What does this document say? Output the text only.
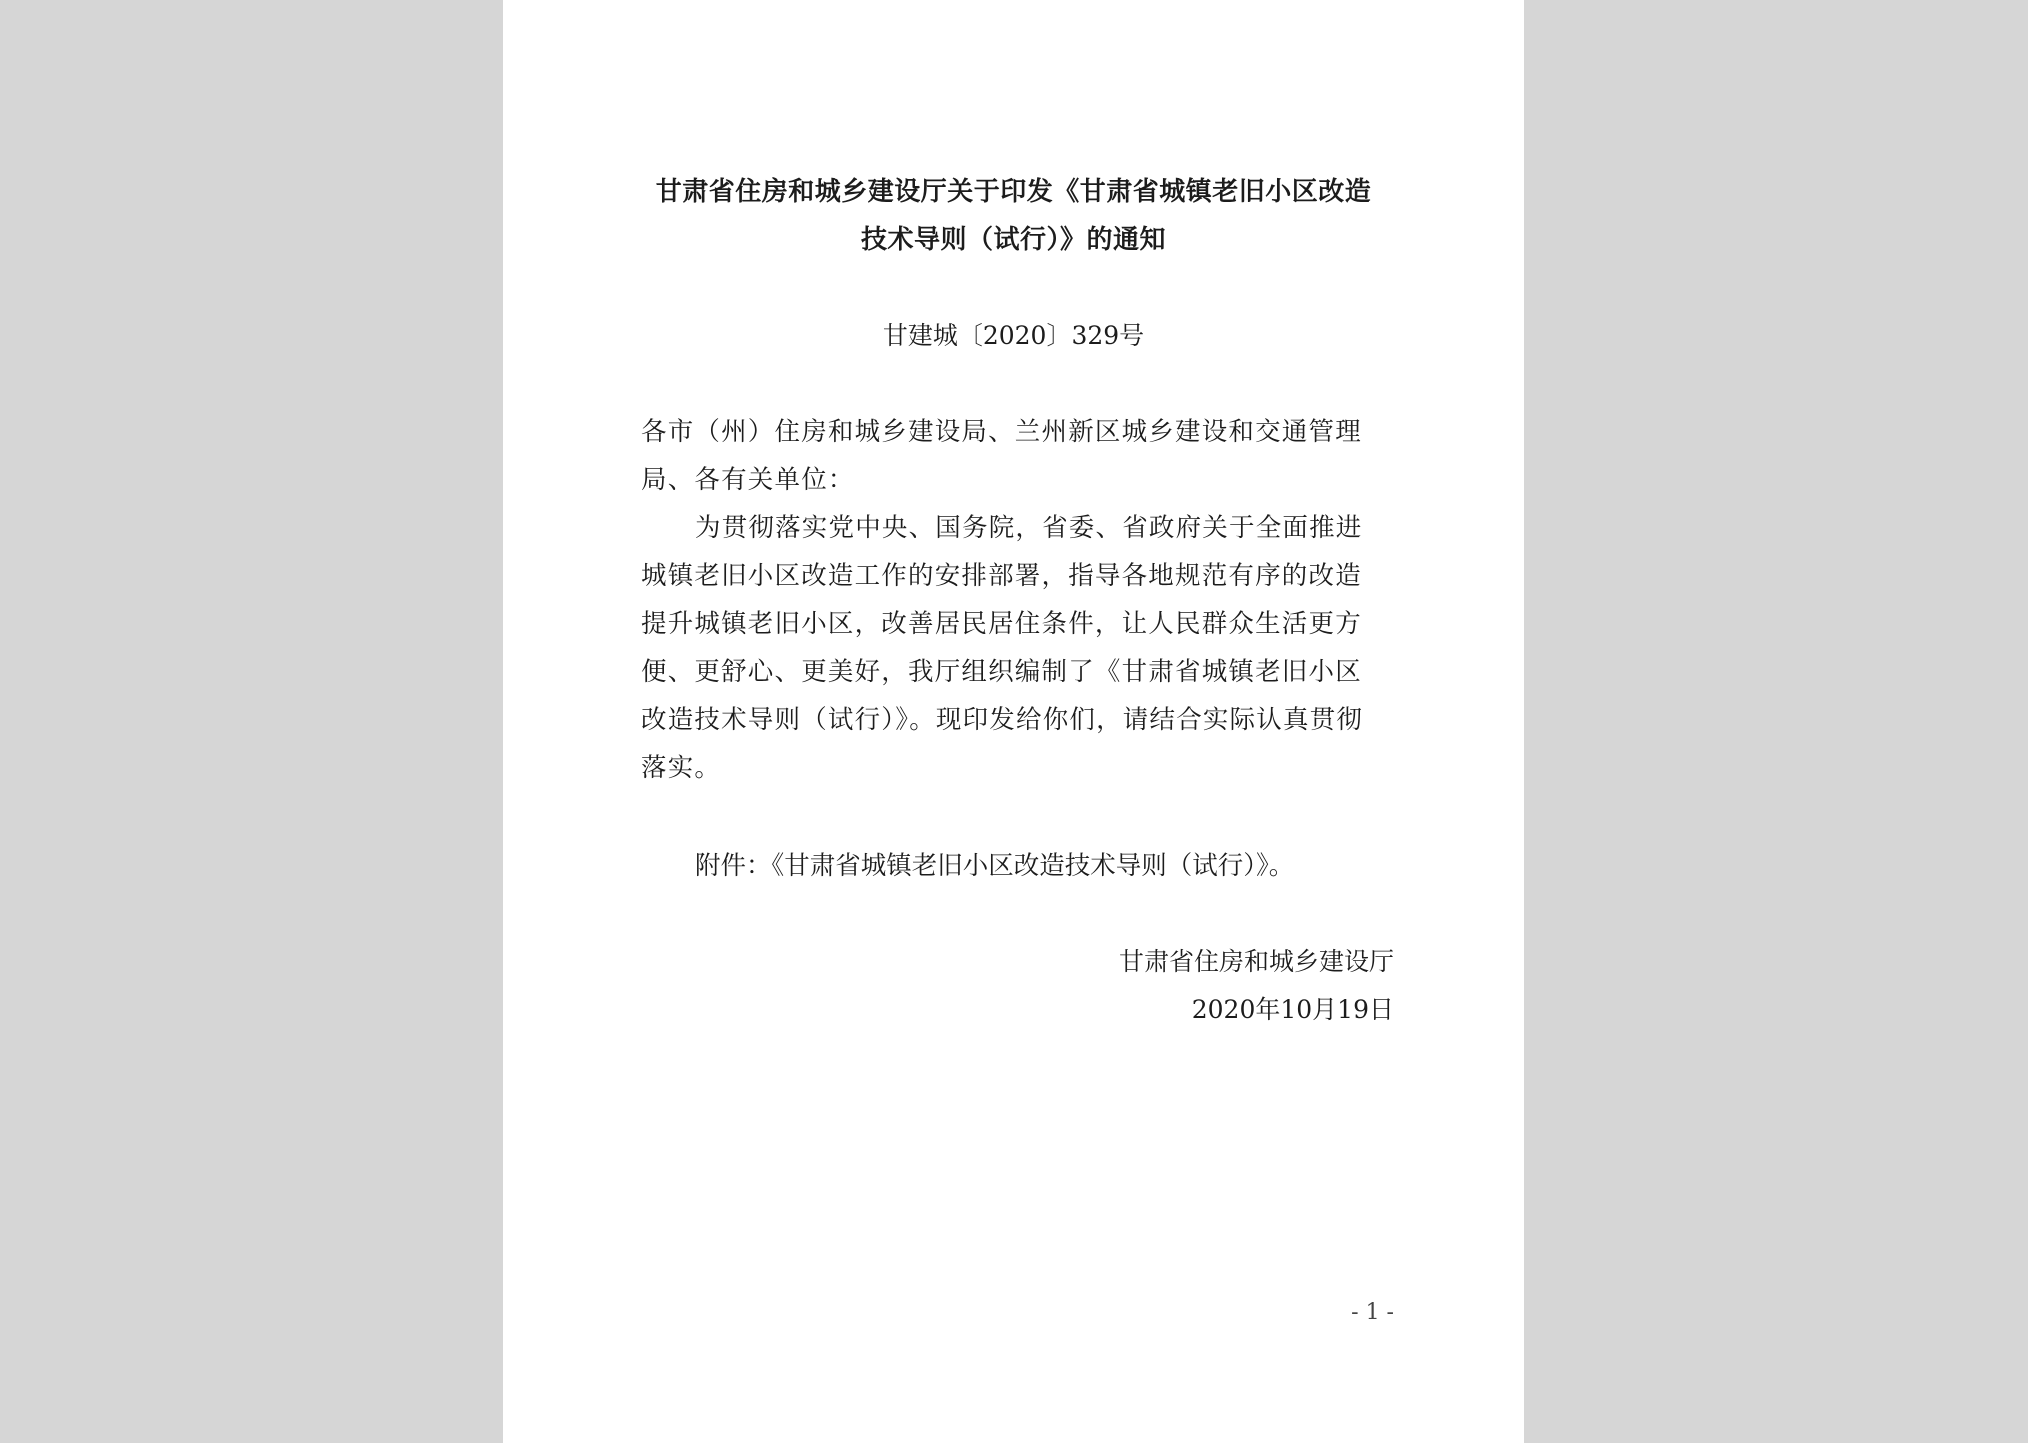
甘肃省住房和城乡建设厅关于印发《甘肃省城镇老旧小区改造
技术导则（试行）》的通知
甘建城〔2020〕329号
各市（州）住房和城乡建设局、兰州新区城乡建设和交通管理
局、各有关单位：
为贯彻落实党中央、国务院，省委、省政府关于全面推进
城镇老旧小区改造工作的安排部署，指导各地规范有序的改造
提升城镇老旧小区，改善居民居住条件，让人民群众生活更方
便、更舒心、更美好，我厅组织编制了《甘肃省城镇老旧小区
改造技术导则（试行）》。现印发给你们，请结合实际认真贯彻
落实。
附件：《甘肃省城镇老旧小区改造技术导则（试行）》。
甘肃省住房和城乡建设厅
2020年10月19日
- 1 -
